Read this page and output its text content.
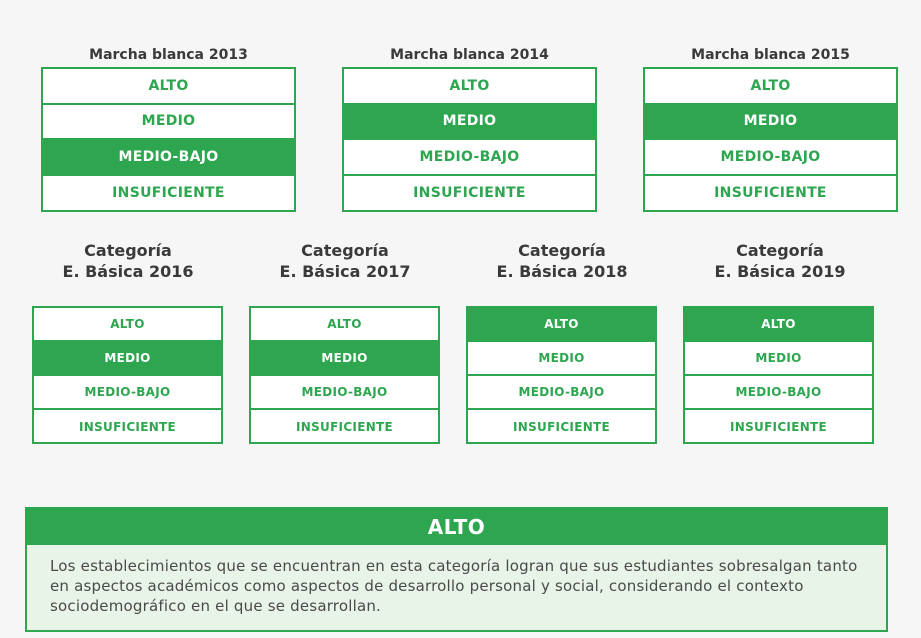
Marcha blanca 2013	Marcha blanca 2014	Marcha blanca 2015
ALTO
MEDIO
MEDIO-BAJO
INSUFICIENTE
ALTO
MEDIO
MEDIO-BAJO
INSUFICIENTE
ALTO
MEDIO
MEDIO-BAJO
INSUFICIENTE
Categoría
E. Básica 2016
Categoría
E. Básica 2017
Categoría
E. Básica 2018
Categoría
E. Básica 2019
ALTO
MEDIO
MEDIO-BAJO
INSUFICIENTE
ALTO
MEDIO
MEDIO-BAJO
INSUFICIENTE
ALTO
MEDIO
MEDIO-BAJO
INSUFICIENTE
ALTO
MEDIO
MEDIO-BAJO
INSUFICIENTE
ALTO
Los establecimientos que se encuentran en esta categoría logran que sus estudiantes sobresalgan tanto en aspectos académicos como aspectos de desarrollo personal y social, considerando el contexto sociodemográfico en el que se desarrollan.
